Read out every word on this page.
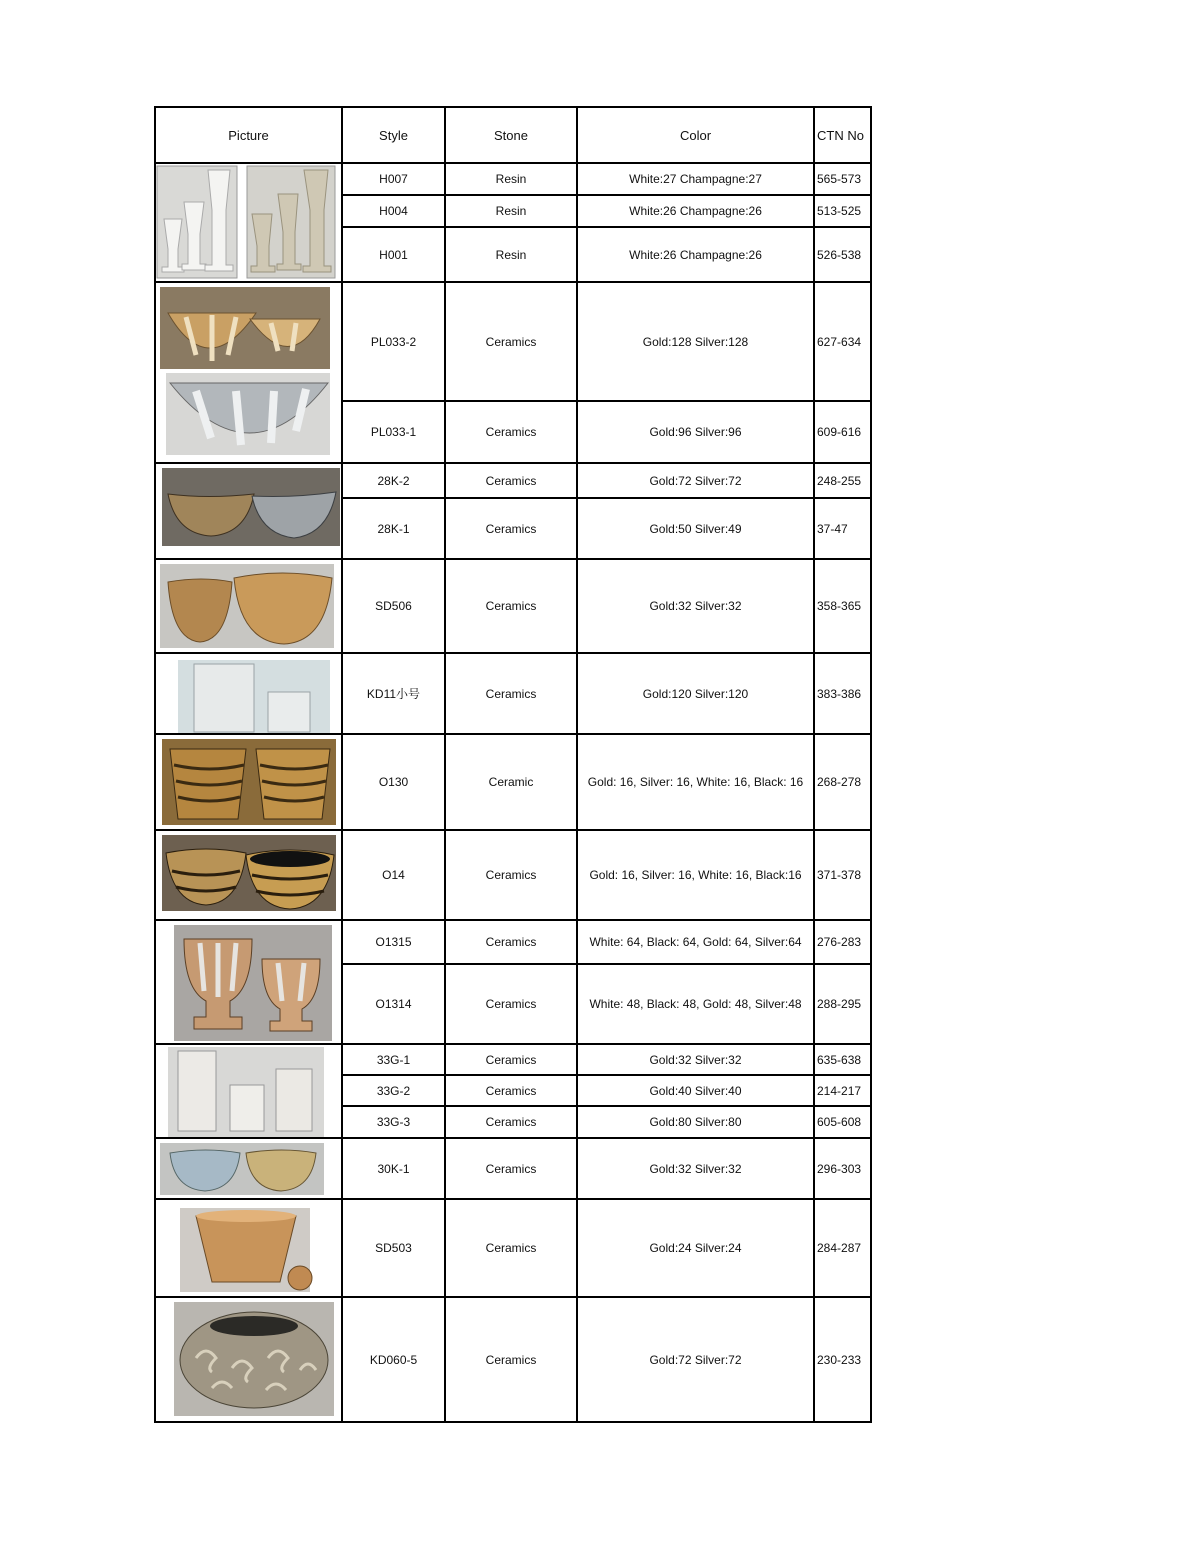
Picture	Style	Stone	Color	CTN No

	H007	Resin	White:27 Champagne:27	565-573
	H004	Resin	White:26 Champagne:26	513-525
	H001	Resin	White:26 Champagne:26	526-538

	PL033-2	Ceramics	Gold:128 Silver:128	627-634
	PL033-1	Ceramics	Gold:96 Silver:96	609-616

	28K-2	Ceramics	Gold:72 Silver:72	248-255
	28K-1	Ceramics	Gold:50 Silver:49	37-47

	SD506	Ceramics	Gold:32 Silver:32	358-365

	KD11小号	Ceramics	Gold:120 Silver:120	383-386

	O130	Ceramic	Gold: 16, Silver: 16, White: 16, Black: 16	268-278

	O14	Ceramics	Gold: 16, Silver: 16, White: 16, Black:16	371-378

	O1315	Ceramics	White: 64, Black: 64, Gold: 64, Silver:64	276-283
	O1314	Ceramics	White: 48, Black: 48, Gold: 48, Silver:48	288-295

	33G-1	Ceramics	Gold:32 Silver:32	635-638
	33G-2	Ceramics	Gold:40 Silver:40	214-217
	33G-3	Ceramics	Gold:80 Silver:80	605-608

	30K-1	Ceramics	Gold:32 Silver:32	296-303

	SD503	Ceramics	Gold:24 Silver:24	284-287

	KD060-5	Ceramics	Gold:72 Silver:72	230-233
